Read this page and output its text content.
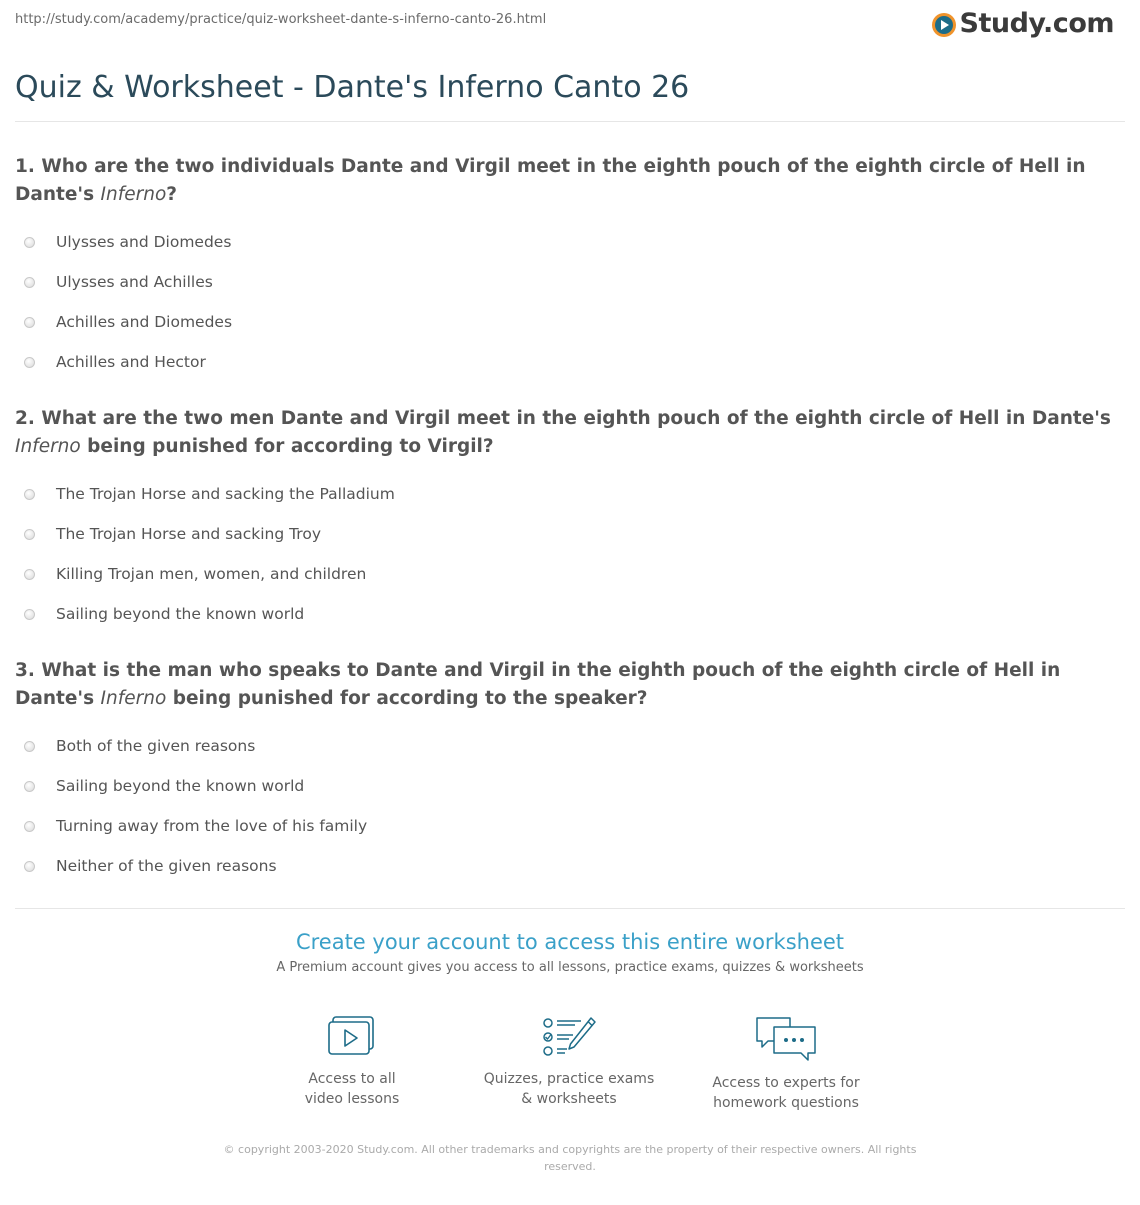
http://study.com/academy/practice/quiz-worksheet-dante-s-inferno-canto-26.html	Study.com
Quiz & Worksheet - Dante's Inferno Canto 26
1. Who are the two individuals Dante and Virgil meet in the eighth pouch of the eighth circle of Hell in Dante's Inferno?
Ulysses and Diomedes
Ulysses and Achilles
Achilles and Diomedes
Achilles and Hector
2. What are the two men Dante and Virgil meet in the eighth pouch of the eighth circle of Hell in Dante's Inferno being punished for according to Virgil?
The Trojan Horse and sacking the Palladium
The Trojan Horse and sacking Troy
Killing Trojan men, women, and children
Sailing beyond the known world
3. What is the man who speaks to Dante and Virgil in the eighth pouch of the eighth circle of Hell in Dante's Inferno being punished for according to the speaker?
Both of the given reasons
Sailing beyond the known world
Turning away from the love of his family
Neither of the given reasons
Create your account to access this entire worksheet
A Premium account gives you access to all lessons, practice exams, quizzes & worksheets
Access to all
video lessons
Quizzes, practice exams
& worksheets
Access to experts for
homework questions
© copyright 2003-2020 Study.com. All other trademarks and copyrights are the property of their respective owners. All rights
reserved.
